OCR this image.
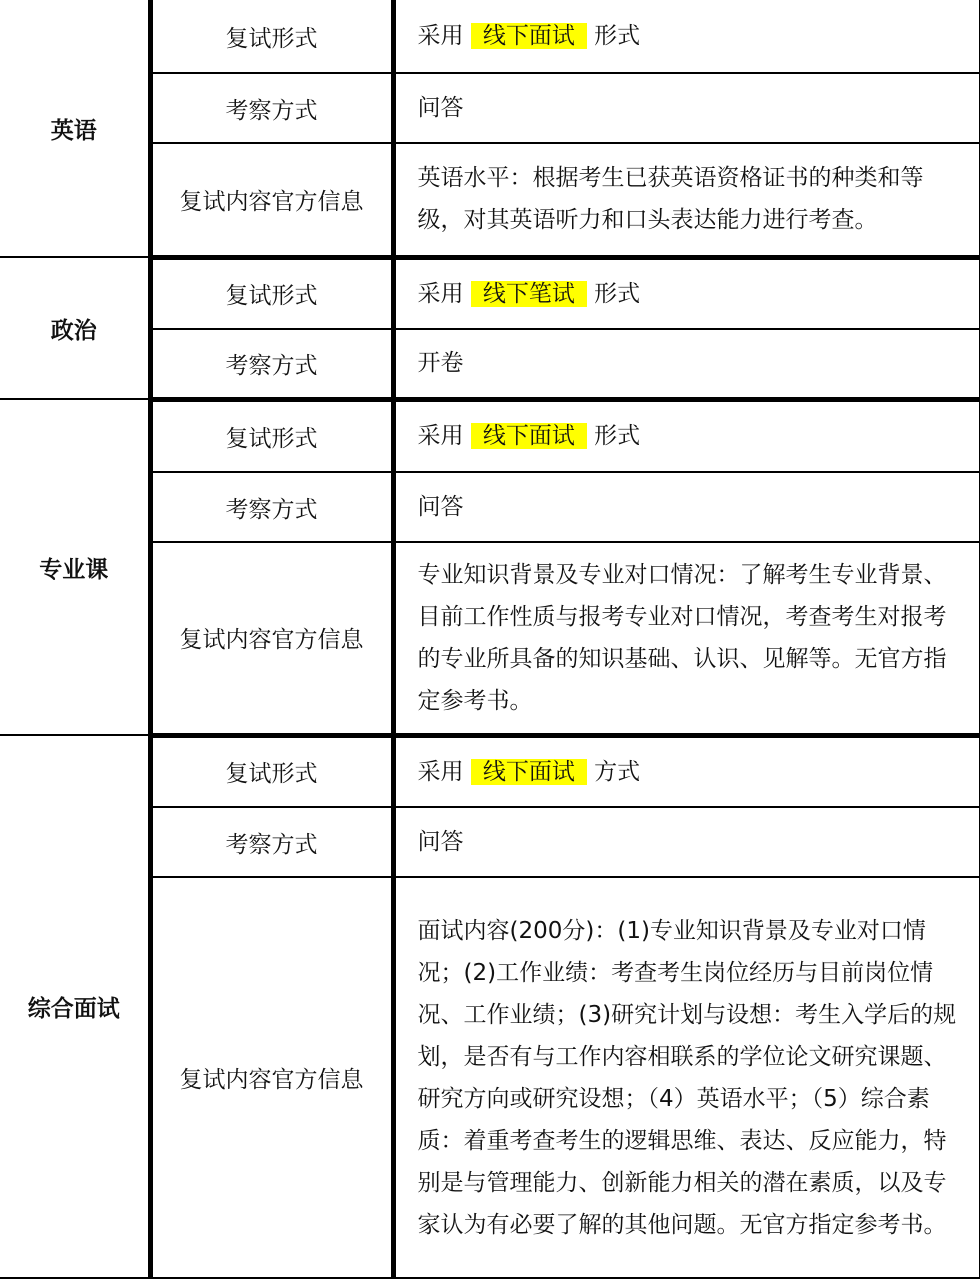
英语	复试形式	采用 线下面试 形式
	考察方式	问答
	复试内容官方信息	英语水平：根据考生已获英语资格证书的种类和等级，对其英语听力和口头表达能力进行考查。
政治	复试形式	采用 线下笔试 形式
	考察方式	开卷
专业课	复试形式	采用 线下面试 形式
	考察方式	问答
	复试内容官方信息	专业知识背景及专业对口情况：了解考生专业背景、目前工作性质与报考专业对口情况，考查考生对报考的专业所具备的知识基础、认识、见解等。无官方指定参考书。
综合面试	复试形式	采用 线下面试 方式
	考察方式	问答
	复试内容官方信息	面试内容(200分)：(1)专业知识背景及专业对口情况；(2)工作业绩：考查考生岗位经历与目前岗位情况、工作业绩；(3)研究计划与设想：考生入学后的规划，是否有与工作内容相联系的学位论文研究课题、研究方向或研究设想；（4）英语水平；（5）综合素质：着重考查考生的逻辑思维、表达、反应能力，特别是与管理能力、创新能力相关的潜在素质，以及专家认为有必要了解的其他问题。无官方指定参考书。
